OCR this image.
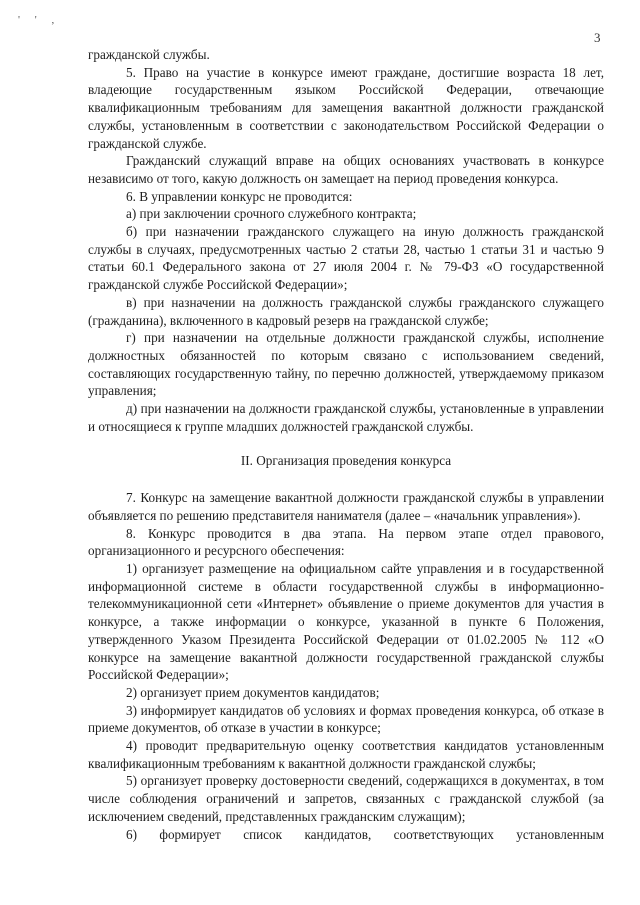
' ' ,
3

гражданской службы.

5. Право на участие в конкурсе имеют граждане, достигшие возраста 18 лет, владеющие государственным языком Российской Федерации, отвечающие квалификационным требованиям для замещения вакантной должности гражданской службы, установленным в соответствии с законодательством Российской Федерации о гражданской службе.

Гражданский служащий вправе на общих основаниях участвовать в конкурсе независимо от того, какую должность он замещает на период проведения конкурса.

6. В управлении конкурс не проводится:

а) при заключении срочного служебного контракта;

б) при назначении гражданского служащего на иную должность гражданской службы в случаях, предусмотренных частью 2 статьи 28, частью 1 статьи 31 и частью 9 статьи 60.1 Федерального закона от 27 июля 2004 г. № 79-ФЗ «О государственной гражданской службе Российской Федерации»;

в) при назначении на должность гражданской службы гражданского служащего (гражданина), включенного в кадровый резерв на гражданской службе;

г) при назначении на отдельные должности гражданской службы, исполнение должностных обязанностей по которым связано с использованием сведений, составляющих государственную тайну, по перечню должностей, утверждаемому приказом управления;

д) при назначении на должности гражданской службы, установленные в управлении и относящиеся к группе младших должностей гражданской службы.

II. Организация проведения конкурса

7. Конкурс на замещение вакантной должности гражданской службы в управлении объявляется по решению представителя нанимателя (далее – «начальник управления»).

8. Конкурс проводится в два этапа. На первом этапе отдел правового, организационного и ресурсного обеспечения:

1) организует размещение на официальном сайте управления и в государственной информационной системе в области государственной службы в информационно-телекоммуникационной сети «Интернет» объявление о приеме документов для участия в конкурсе, а также информации о конкурсе, указанной в пункте 6 Положения, утвержденного Указом Президента Российской Федерации от 01.02.2005 № 112 «О конкурсе на замещение вакантной должности государственной гражданской службы Российской Федерации»;

2) организует прием документов кандидатов;

3) информирует кандидатов об условиях и формах проведения конкурса, об отказе в приеме документов, об отказе в участии в конкурсе;

4) проводит предварительную оценку соответствия кандидатов установленным квалификационным требованиям к вакантной должности гражданской службы;

5) организует проверку достоверности сведений, содержащихся в документах, в том числе соблюдения ограничений и запретов, связанных с гражданской службой (за исключением сведений, представленных гражданским служащим);

6) формирует список кандидатов, соответствующих установленным
